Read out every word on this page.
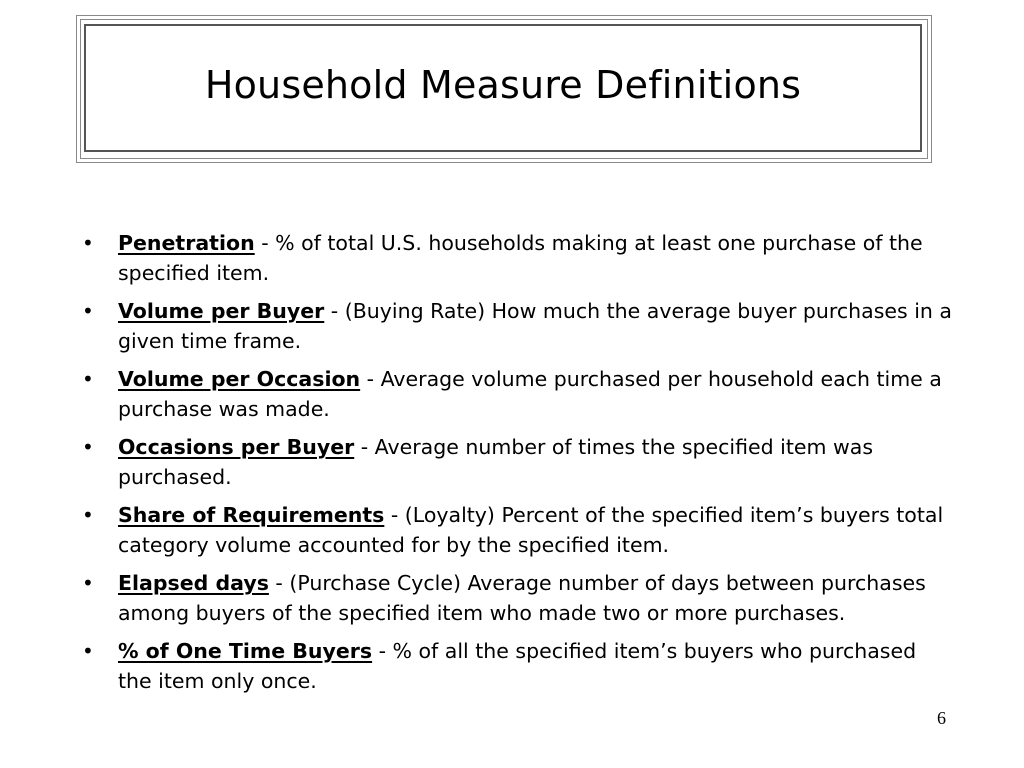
Household Measure Definitions
• Penetration - % of total U.S. households making at least one purchase of the specified item.
• Volume per Buyer - (Buying Rate) How much the average buyer purchases in a given time frame.
• Volume per Occasion - Average volume purchased per household each time a purchase was made.
• Occasions per Buyer - Average number of times the specified item was purchased.
• Share of Requirements - (Loyalty) Percent of the specified item’s buyers total category volume accounted for by the specified item.
• Elapsed days - (Purchase Cycle) Average number of days between purchases among buyers of the specified item who made two or more purchases.
• % of One Time Buyers - % of all the specified item’s buyers who purchased the item only once.
6
